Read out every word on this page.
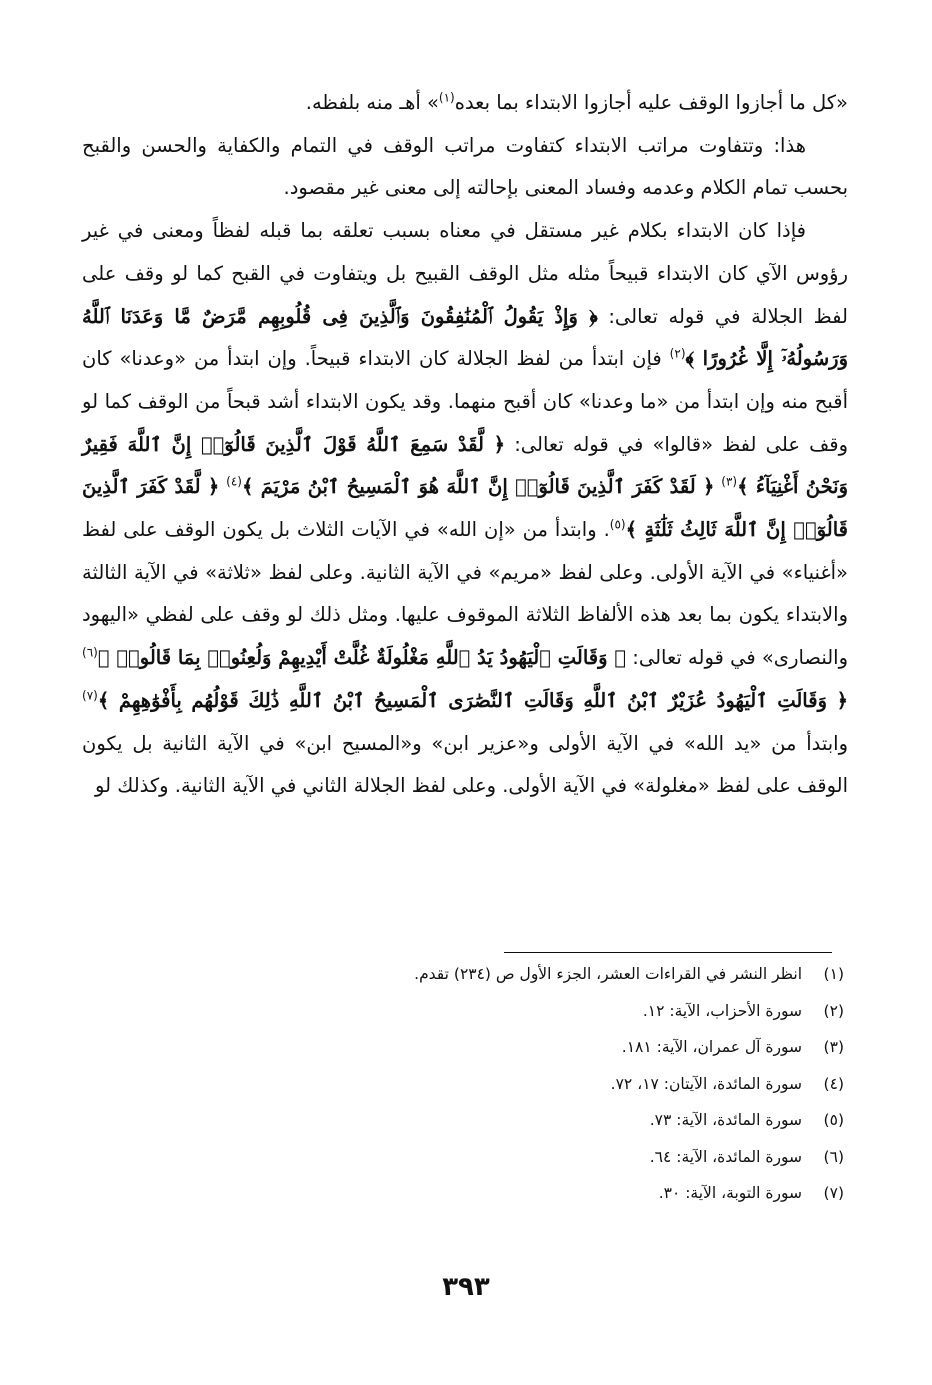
«كل ما أجازوا الوقف عليه أجازوا الابتداء بما بعده$^{(١)}$» أهـ منه بلفظه.

هذا: وتتفاوت مراتب الابتداء كتفاوت مراتب الوقف في التمام والكفاية والحسن والقبح بحسب تمام الكلام وعدمه وفساد المعنى بإحالته إلى معنى غير مقصود.

فإذا كان الابتداء بكلام غير مستقل في معناه بسبب تعلقه بما قبله لفظاً ومعنى في غير رؤوس الآي كان الابتداء قبيحاً مثله مثل الوقف القبيح بل ويتفاوت في القبح كما لو وقف على لفظ الجلالة في قوله تعالى: ﴿ وَإِذْ يَقُولُ ٱلْمُنَٰفِقُونَ وَٱلَّذِينَ فِى قُلُوبِهِم مَّرَضٌ مَّا وَعَدَنَا ٱللَّهُ وَرَسُولُهُۥٓ إِلَّا غُرُورًا ﴾$^{(٢)}$ فإن ابتدأ من لفظ الجلالة كان الابتداء قبيحاً. وإن ابتدأ من «وعدنا» كان أقبح منه وإن ابتدأ من «ما وعدنا» كان أقبح منهما. وقد يكون الابتداء أشد قبحاً من الوقف كما لو وقف على لفظ «قالوا» في قوله تعالى: ﴿ لَّقَدْ سَمِعَ ٱللَّهُ قَوْلَ ٱلَّذِينَ قَالُوٓا۟ إِنَّ ٱللَّهَ فَقِيرٌ وَنَحْنُ أَغْنِيَآءُ ﴾$^{(٣)}$ ﴿ لَقَدْ كَفَرَ ٱلَّذِينَ قَالُوٓا۟ إِنَّ ٱللَّهَ هُوَ ٱلْمَسِيحُ ٱبْنُ مَرْيَمَ ﴾$^{(٤)}$ ﴿ لَّقَدْ كَفَرَ ٱلَّذِينَ قَالُوٓا۟ إِنَّ ٱللَّهَ ثَالِثُ ثَلَٰثَةٍ ﴾$^{(٥)}$. وابتدأ من «إن الله» في الآيات الثلاث بل يكون الوقف على لفظ «أغنياء» في الآية الأولى. وعلى لفظ «مريم» في الآية الثانية. وعلى لفظ «ثلاثة» في الآية الثالثة والابتداء يكون بما بعد هذه الألفاظ الثلاثة الموقوف عليها. ومثل ذلك لو وقف على لفظي «اليهود والنصارى» في قوله تعالى: ﴿ وَقَالَتِ ٱلْيَهُودُ يَدُ ٱللَّهِ مَغْلُولَةٌ غُلَّتْ أَيْدِيهِمْ وَلُعِنُوا۟ بِمَا قَالُوا۟ ﴾$^{(٦)}$ ﴿ وَقَالَتِ ٱلْيَهُودُ عُزَيْرٌ ٱبْنُ ٱللَّهِ وَقَالَتِ ٱلنَّصَٰرَى ٱلْمَسِيحُ ٱبْنُ ٱللَّهِ ذَٰلِكَ قَوْلُهُم بِأَفْوَٰهِهِمْ ﴾$^{(٧)}$ وابتدأ من «يد الله» في الآية الأولى و«عزير ابن» و«المسيح ابن» في الآية الثانية بل يكون الوقف على لفظ «مغلولة» في الآية الأولى. وعلى لفظ الجلالة الثاني في الآية الثانية. وكذلك لو

(١)انظر النشر في القراءات العشر، الجزء الأول ص (٢٣٤) تقدم.
(٢)سورة الأحزاب، الآية: ١٢.
(٣)سورة آل عمران، الآية: ١٨١.
(٤)سورة المائدة، الآيتان: ١٧، ٧٢.
(٥)سورة المائدة، الآية: ٧٣.
(٦)سورة المائدة، الآية: ٦٤.
(٧)سورة التوبة، الآية: ٣٠.
٣٩٣
